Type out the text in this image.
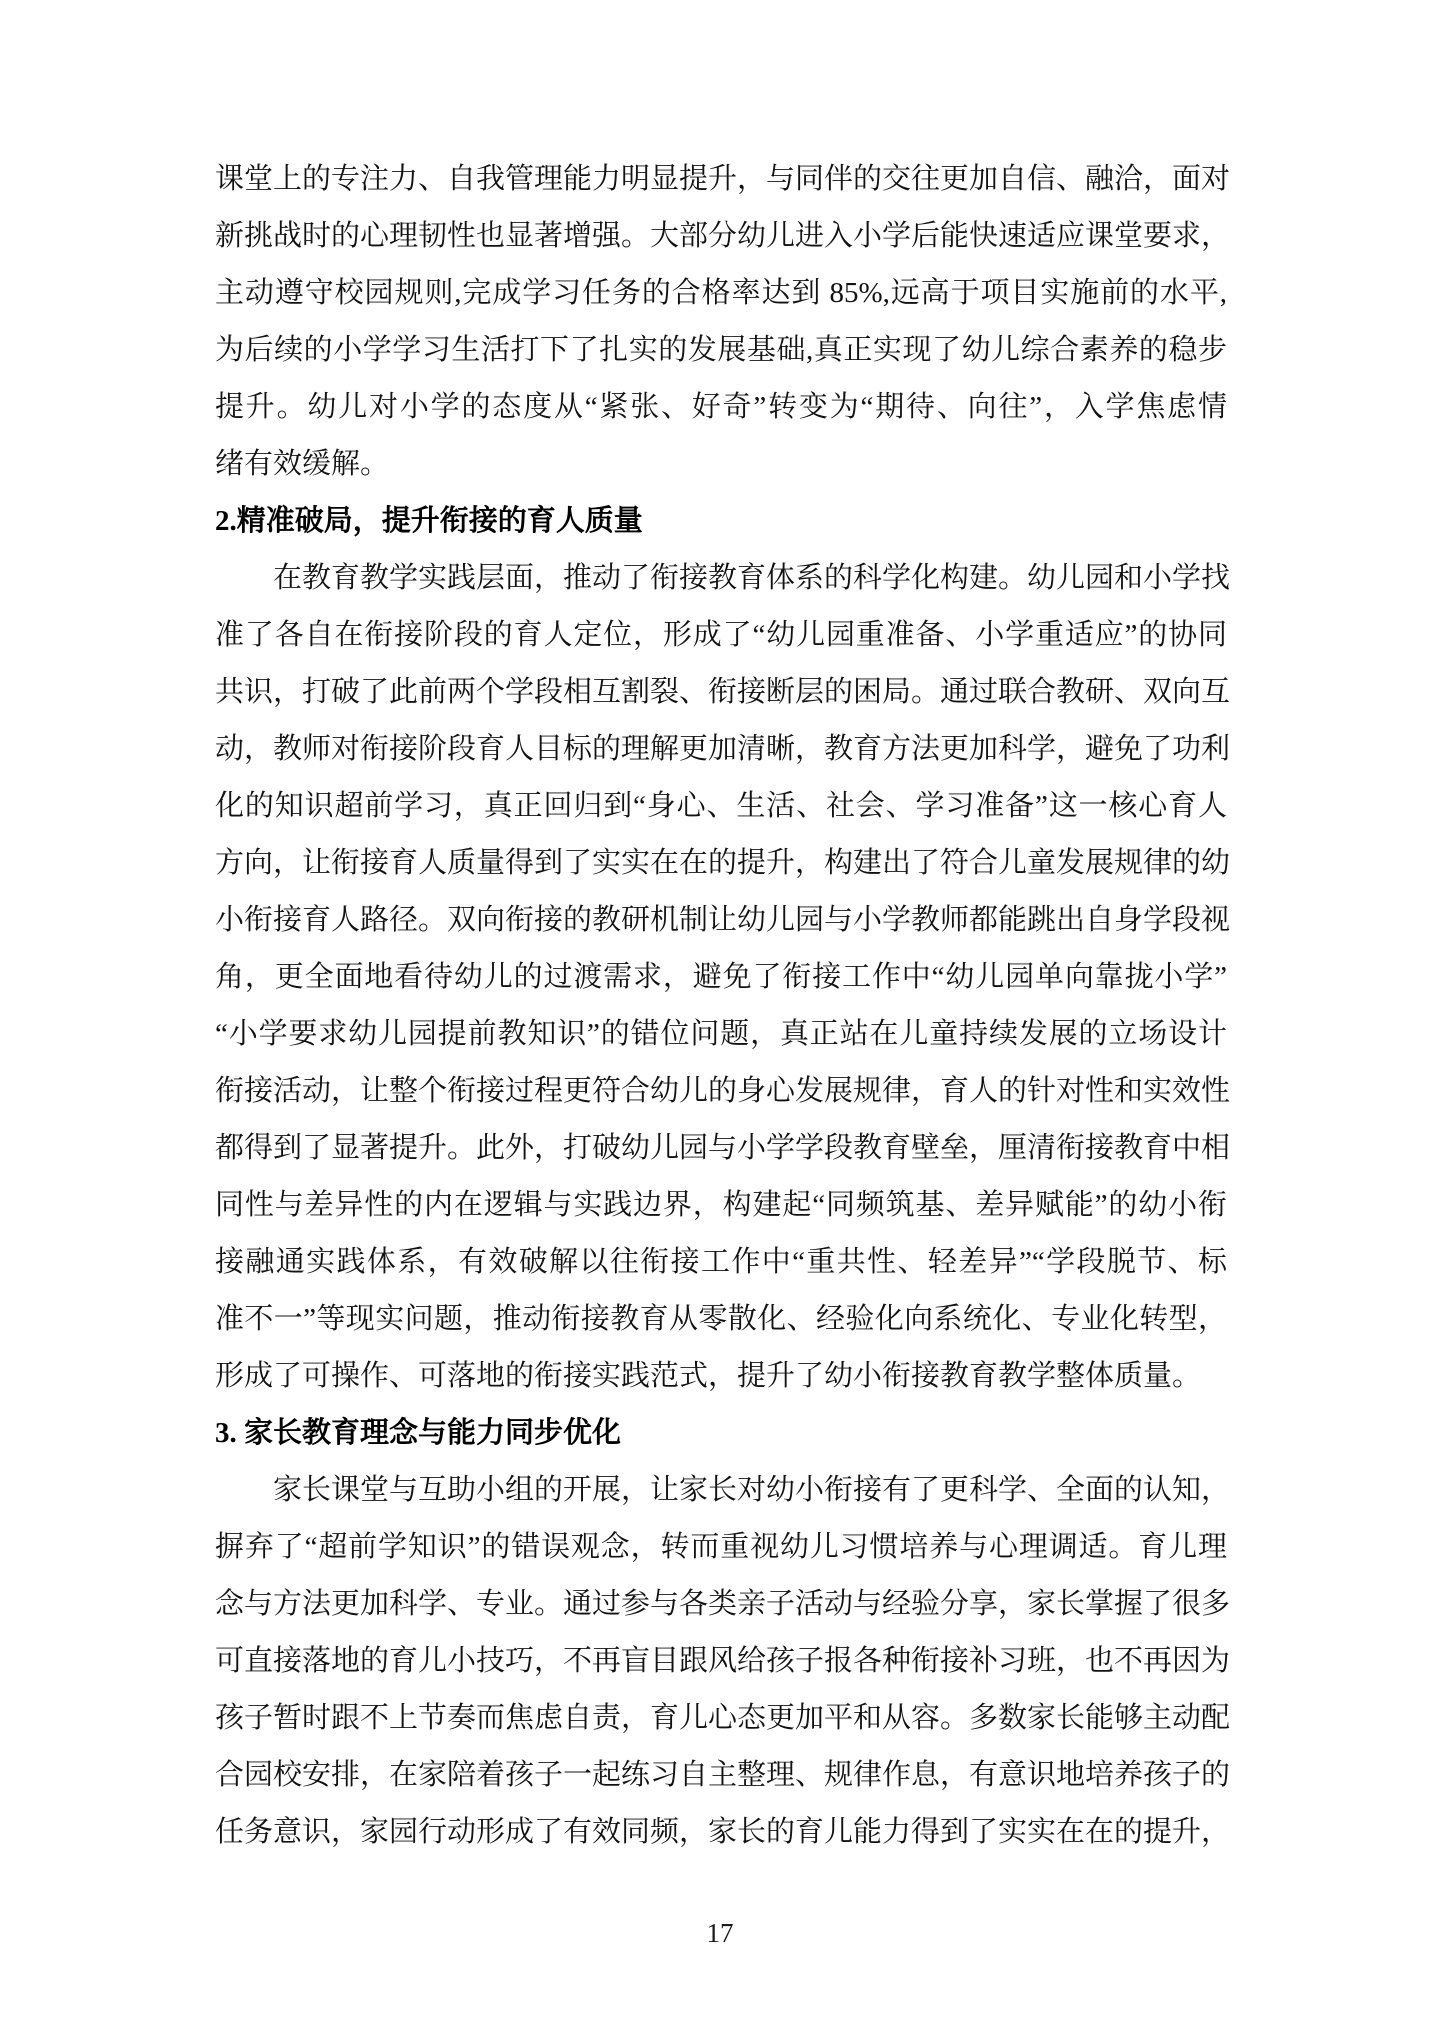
课堂上的专注力、自我管理能力明显提升，与同伴的交往更加自信、融洽，面对
新挑战时的心理韧性也显著增强。大部分幼儿进入小学后能快速适应课堂要求，
主动遵守校园规则,完成学习任务的合格率达到 85%,远高于项目实施前的水平,
为后续的小学学习生活打下了扎实的发展基础,真正实现了幼儿综合素养的稳步
提升。幼儿对小学的态度从“紧张、好奇”转变为“期待、向往”，入学焦虑情
绪有效缓解。
2.精准破局，提升衔接的育人质量
在教育教学实践层面，推动了衔接教育体系的科学化构建。幼儿园和小学找
准了各自在衔接阶段的育人定位，形成了“幼儿园重准备、小学重适应”的协同
共识，打破了此前两个学段相互割裂、衔接断层的困局。通过联合教研、双向互
动，教师对衔接阶段育人目标的理解更加清晰，教育方法更加科学，避免了功利
化的知识超前学习，真正回归到“身心、生活、社会、学习准备”这一核心育人
方向，让衔接育人质量得到了实实在在的提升，构建出了符合儿童发展规律的幼
小衔接育人路径。双向衔接的教研机制让幼儿园与小学教师都能跳出自身学段视
角，更全面地看待幼儿的过渡需求，避免了衔接工作中“幼儿园单向靠拢小学”
“小学要求幼儿园提前教知识”的错位问题，真正站在儿童持续发展的立场设计
衔接活动，让整个衔接过程更符合幼儿的身心发展规律，育人的针对性和实效性
都得到了显著提升。此外，打破幼儿园与小学学段教育壁垒，厘清衔接教育中相
同性与差异性的内在逻辑与实践边界，构建起“同频筑基、差异赋能”的幼小衔
接融通实践体系，有效破解以往衔接工作中“重共性、轻差异”“学段脱节、标
准不一”等现实问题，推动衔接教育从零散化、经验化向系统化、专业化转型，
形成了可操作、可落地的衔接实践范式，提升了幼小衔接教育教学整体质量。
3. 家长教育理念与能力同步优化
家长课堂与互助小组的开展，让家长对幼小衔接有了更科学、全面的认知，
摒弃了“超前学知识”的错误观念，转而重视幼儿习惯培养与心理调适。育儿理
念与方法更加科学、专业。通过参与各类亲子活动与经验分享，家长掌握了很多
可直接落地的育儿小技巧，不再盲目跟风给孩子报各种衔接补习班，也不再因为
孩子暂时跟不上节奏而焦虑自责，育儿心态更加平和从容。多数家长能够主动配
合园校安排，在家陪着孩子一起练习自主整理、规律作息，有意识地培养孩子的
任务意识，家园行动形成了有效同频，家长的育儿能力得到了实实在在的提升，
17
